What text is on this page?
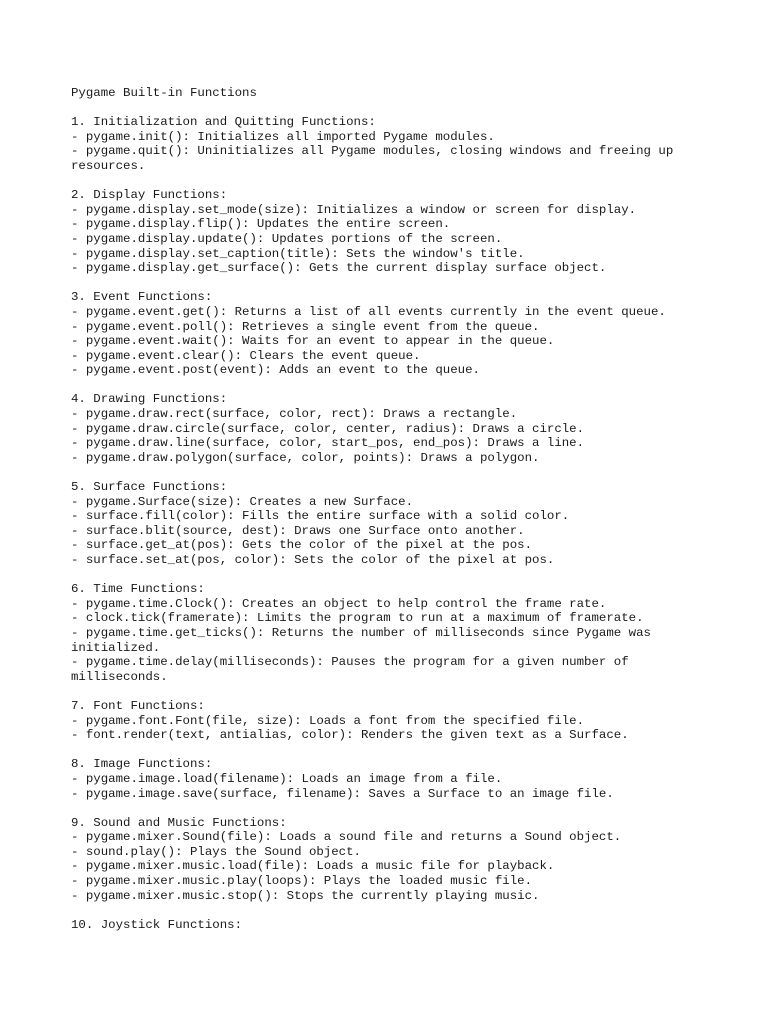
Pygame Built-in Functions
1. Initialization and Quitting Functions:

- pygame.init(): Initializes all imported Pygame modules.

- pygame.quit(): Uninitializes all Pygame modules, closing windows and freeing up resources.

2. Display Functions:

- pygame.display.set_mode(size): Initializes a window or screen for display.

- pygame.display.flip(): Updates the entire screen.

- pygame.display.update(): Updates portions of the screen.

- pygame.display.set_caption(title): Sets the window's title.

- pygame.display.get_surface(): Gets the current display surface object.

3. Event Functions:

- pygame.event.get(): Returns a list of all events currently in the event queue.

- pygame.event.poll(): Retrieves a single event from the queue.

- pygame.event.wait(): Waits for an event to appear in the queue.

- pygame.event.clear(): Clears the event queue.

- pygame.event.post(event): Adds an event to the queue.

4. Drawing Functions:

- pygame.draw.rect(surface, color, rect): Draws a rectangle.

- pygame.draw.circle(surface, color, center, radius): Draws a circle.

- pygame.draw.line(surface, color, start_pos, end_pos): Draws a line.

- pygame.draw.polygon(surface, color, points): Draws a polygon.

5. Surface Functions:

- pygame.Surface(size): Creates a new Surface.

- surface.fill(color): Fills the entire surface with a solid color.

- surface.blit(source, dest): Draws one Surface onto another.

- surface.get_at(pos): Gets the color of the pixel at the pos.

- surface.set_at(pos, color): Sets the color of the pixel at pos.

6. Time Functions:

- pygame.time.Clock(): Creates an object to help control the frame rate.

- clock.tick(framerate): Limits the program to run at a maximum of framerate.

- pygame.time.get_ticks(): Returns the number of milliseconds since Pygame was initialized.

- pygame.time.delay(milliseconds): Pauses the program for a given number of milliseconds.

7. Font Functions:

- pygame.font.Font(file, size): Loads a font from the specified file.

- font.render(text, antialias, color): Renders the given text as a Surface.

8. Image Functions:

- pygame.image.load(filename): Loads an image from a file.

- pygame.image.save(surface, filename): Saves a Surface to an image file.

9. Sound and Music Functions:

- pygame.mixer.Sound(file): Loads a sound file and returns a Sound object.

- sound.play(): Plays the Sound object.

- pygame.mixer.music.load(file): Loads a music file for playback.

- pygame.mixer.music.play(loops): Plays the loaded music file.

- pygame.mixer.music.stop(): Stops the currently playing music.

10. Joystick Functions:
